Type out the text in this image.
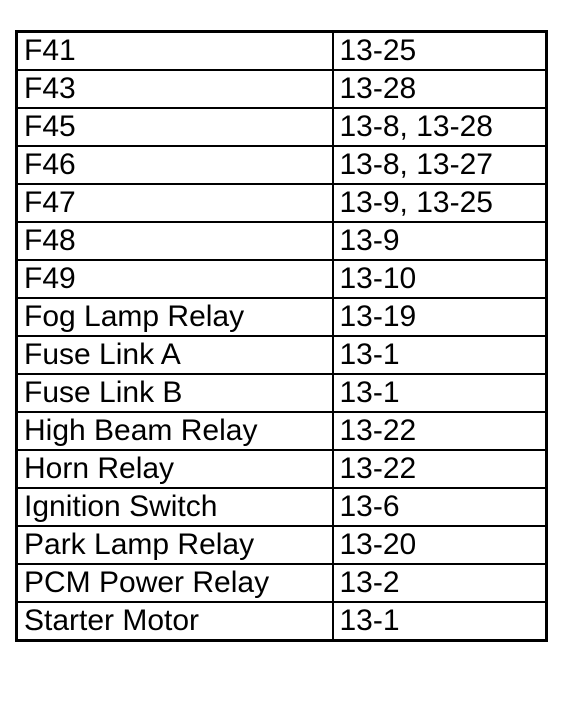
F41	13-25
F43	13-28
F45	13-8, 13-28
F46	13-8, 13-27
F47	13-9, 13-25
F48	13-9
F49	13-10
Fog Lamp Relay	13-19
Fuse Link A	13-1
Fuse Link B	13-1
High Beam Relay	13-22
Horn Relay	13-22
Ignition Switch	13-6
Park Lamp Relay	13-20
PCM Power Relay	13-2
Starter Motor	13-1
